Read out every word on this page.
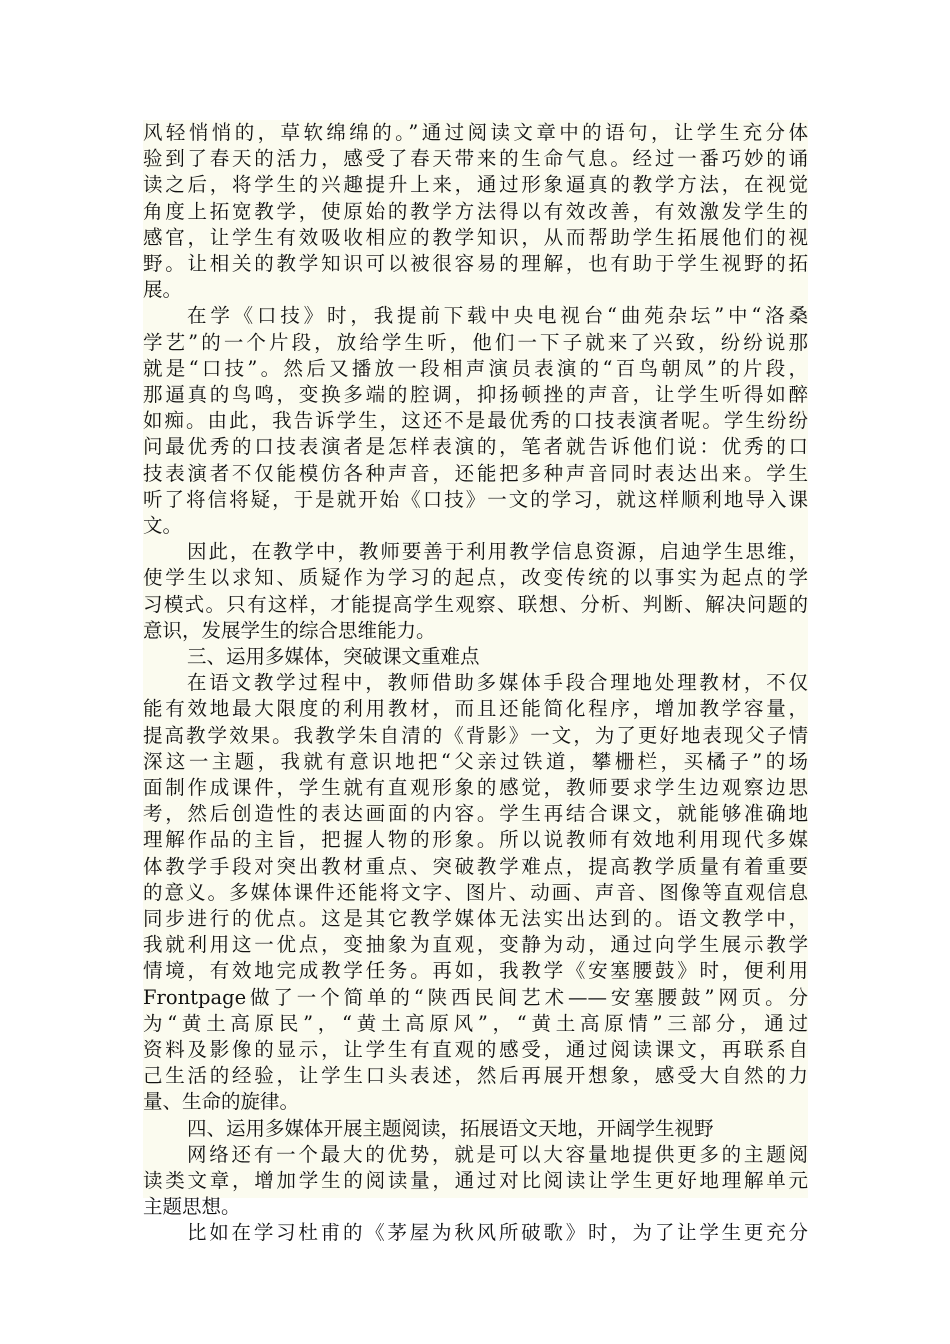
风轻悄悄的，草软绵绵的。”通过阅读文章中的语句，让学生充分体
验到了春天的活力，感受了春天带来的生命气息。经过一番巧妙的诵
读之后，将学生的兴趣提升上来，通过形象逼真的教学方法，在视觉
角度上拓宽教学，使原始的教学方法得以有效改善，有效激发学生的
感官，让学生有效吸收相应的教学知识，从而帮助学生拓展他们的视
野。让相关的教学知识可以被很容易的理解，也有助于学生视野的拓
展。
在学《口技》时，我提前下载中央电视台“曲苑杂坛”中“洛桑
学艺”的一个片段，放给学生听，他们一下子就来了兴致，纷纷说那
就是“口技”。然后又播放一段相声演员表演的“百鸟朝凤”的片段，
那逼真的鸟鸣，变换多端的腔调，抑扬顿挫的声音，让学生听得如醉
如痴。由此，我告诉学生，这还不是最优秀的口技表演者呢。学生纷纷
问最优秀的口技表演者是怎样表演的，笔者就告诉他们说：优秀的口
技表演者不仅能模仿各种声音，还能把多种声音同时表达出来。学生
听了将信将疑，于是就开始《口技》一文的学习，就这样顺利地导入课
文。
因此，在教学中，教师要善于利用教学信息资源，启迪学生思维，
使学生以求知、质疑作为学习的起点，改变传统的以事实为起点的学
习模式。只有这样，才能提高学生观察、联想、分析、判断、解决问题的
意识，发展学生的综合思维能力。
三、运用多媒体，突破课文重难点
在语文教学过程中，教师借助多媒体手段合理地处理教材，不仅
能有效地最大限度的利用教材，而且还能简化程序，增加教学容量，
提高教学效果。我教学朱自清的《背影》一文，为了更好地表现父子情
深这一主题，我就有意识地把“父亲过铁道，攀栅栏，买橘子”的场
面制作成课件，学生就有直观形象的感觉，教师要求学生边观察边思
考，然后创造性的表达画面的内容。学生再结合课文，就能够准确地
理解作品的主旨，把握人物的形象。所以说教师有效地利用现代多媒
体教学手段对突出教材重点、突破教学难点，提高教学质量有着重要
的意义。多媒体课件还能将文字、图片、动画、声音、图像等直观信息
同步进行的优点。这是其它教学媒体无法实出达到的。语文教学中，
我就利用这一优点，变抽象为直观，变静为动，通过向学生展示教学
情境，有效地完成教学任务。再如，我教学《安塞腰鼓》时，便利用
Frontpage做了一个简单的“陕西民间艺术——安塞腰鼓”网页。分
为“黄土高原民”，“黄土高原风”，“黄土高原情”三部分，通过
资料及影像的显示，让学生有直观的感受，通过阅读课文，再联系自
己生活的经验，让学生口头表述，然后再展开想象，感受大自然的力
量、生命的旋律。
四、运用多媒体开展主题阅读，拓展语文天地，开阔学生视野
网络还有一个最大的优势，就是可以大容量地提供更多的主题阅
读类文章，增加学生的阅读量，通过对比阅读让学生更好地理解单元
主题思想。
比如在学习杜甫的《茅屋为秋风所破歌》时，为了让学生更充分
